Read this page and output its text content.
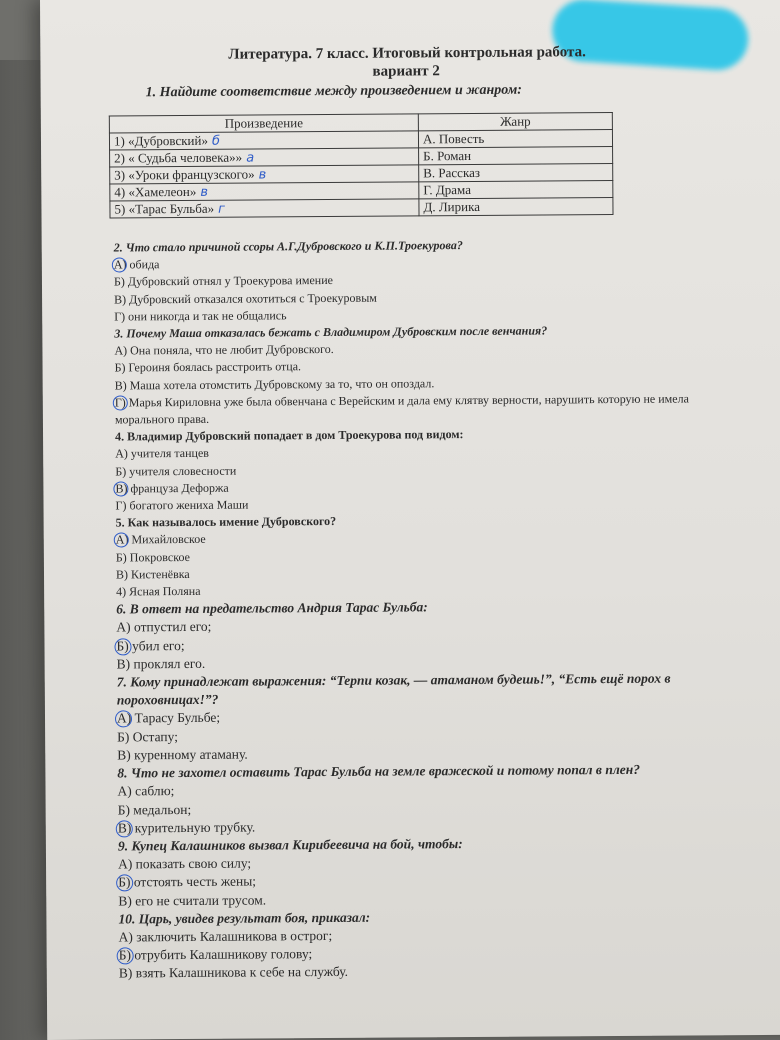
Литература. 7 класс. Итоговый контрольная работа.
вариант 2
1. Найдите соответствие между произведением и жанром:
Произведение	Жанр
1) «Дубровский» б	А. Повесть
2) « Судьба человека»» а	Б. Роман
3) «Уроки французского» в	В. Рассказ
4) «Хамелеон» в	Г. Драма
5) «Тарас Бульба» г	Д. Лирика
2. Что стало причиной ссоры А.Г.Дубровского и К.П.Троекурова?
А) обида
Б) Дубровский отнял у Троекурова имение
В) Дубровский отказался охотиться с Троекуровым
Г) они никогда и так не общались
3. Почему Маша отказалась бежать с Владимиром Дубровским после венчания?
А) Она поняла, что не любит Дубровского.
Б) Героиня боялась расстроить отца.
В) Маша хотела отомстить Дубровскому за то, что он опоздал.
Г) Марья Кириловна уже была обвенчана с Верейским и дала ему клятву верности, нарушить которую не имела морального права.
4. Владимир Дубровский попадает в дом Троекурова под видом:
А) учителя танцев
Б) учителя словесности
В) француза Дефоржа
Г) богатого жениха Маши
5. Как называлось имение Дубровского?
А) Михайловское
Б) Покровское
В) Кистенёвка
4) Ясная Поляна
6. В ответ на предательство Андрия Тарас Бульба:
А) отпустил его;
Б) убил его;
В) проклял его.
7. Кому принадлежат выражения: “Терпи козак, — атаманом будешь!”, “Есть ещё порох в пороховницах!”?
А) Тарасу Бульбе;
Б) Остапу;
В) куренному атаману.
8. Что не захотел оставить Тарас Бульба на земле вражеской и потому попал в плен?
А) саблю;
Б) медальон;
В) курительную трубку.
9. Купец Калашников вызвал Кирибеевича на бой, чтобы:
А) показать свою силу;
Б) отстоять честь жены;
В) его не считали трусом.
10. Царь, увидев результат боя, приказал:
А) заключить Калашникова в острог;
Б) отрубить Калашникову голову;
В) взять Калашникова к себе на службу.
